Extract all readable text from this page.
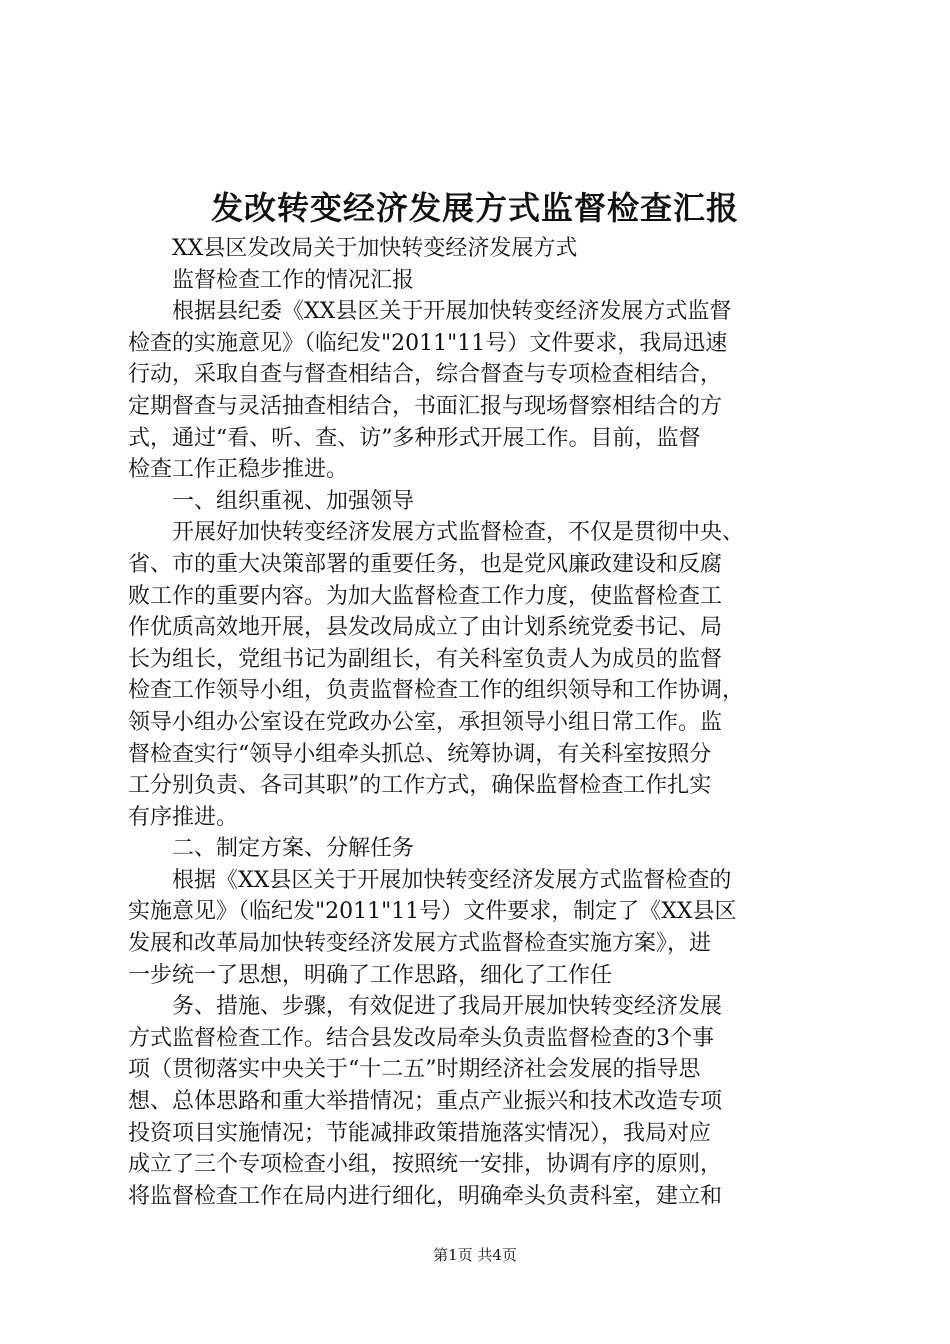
发改转变经济发展方式监督检查汇报
　　XX县区发改局关于加快转变经济发展方式
　　监督检查工作的情况汇报
　　根据县纪委《XX县区关于开展加快转变经济发展方式监督
检查的实施意见》（临纪发"2011"11号）文件要求，我局迅速
行动，采取自查与督查相结合，综合督查与专项检查相结合，
定期督查与灵活抽查相结合，书面汇报与现场督察相结合的方
式，通过“看、听、查、访”多种形式开展工作。目前，监督
检查工作正稳步推进。
　　一、组织重视、加强领导
　　开展好加快转变经济发展方式监督检查，不仅是贯彻中央、
省、市的重大决策部署的重要任务，也是党风廉政建设和反腐
败工作的重要内容。为加大监督检查工作力度，使监督检查工
作优质高效地开展，县发改局成立了由计划系统党委书记、局
长为组长，党组书记为副组长，有关科室负责人为成员的监督
检查工作领导小组，负责监督检查工作的组织领导和工作协调，
领导小组办公室设在党政办公室，承担领导小组日常工作。监
督检查实行“领导小组牵头抓总、统筹协调，有关科室按照分
工分别负责、各司其职”的工作方式，确保监督检查工作扎实
有序推进。
　　二、制定方案、分解任务
　　根据《XX县区关于开展加快转变经济发展方式监督检查的
实施意见》（临纪发"2011"11号）文件要求，制定了《XX县区
发展和改革局加快转变经济发展方式监督检查实施方案》，进
一步统一了思想，明确了工作思路，细化了工作任
　　务、措施、步骤，有效促进了我局开展加快转变经济发展
方式监督检查工作。结合县发改局牵头负责监督检查的3个事
项（贯彻落实中央关于“十二五”时期经济社会发展的指导思
想、总体思路和重大举措情况；重点产业振兴和技术改造专项
投资项目实施情况；节能减排政策措施落实情况），我局对应
成立了三个专项检查小组，按照统一安排，协调有序的原则，
将监督检查工作在局内进行细化，明确牵头负责科室，建立和
第1页 共4页
